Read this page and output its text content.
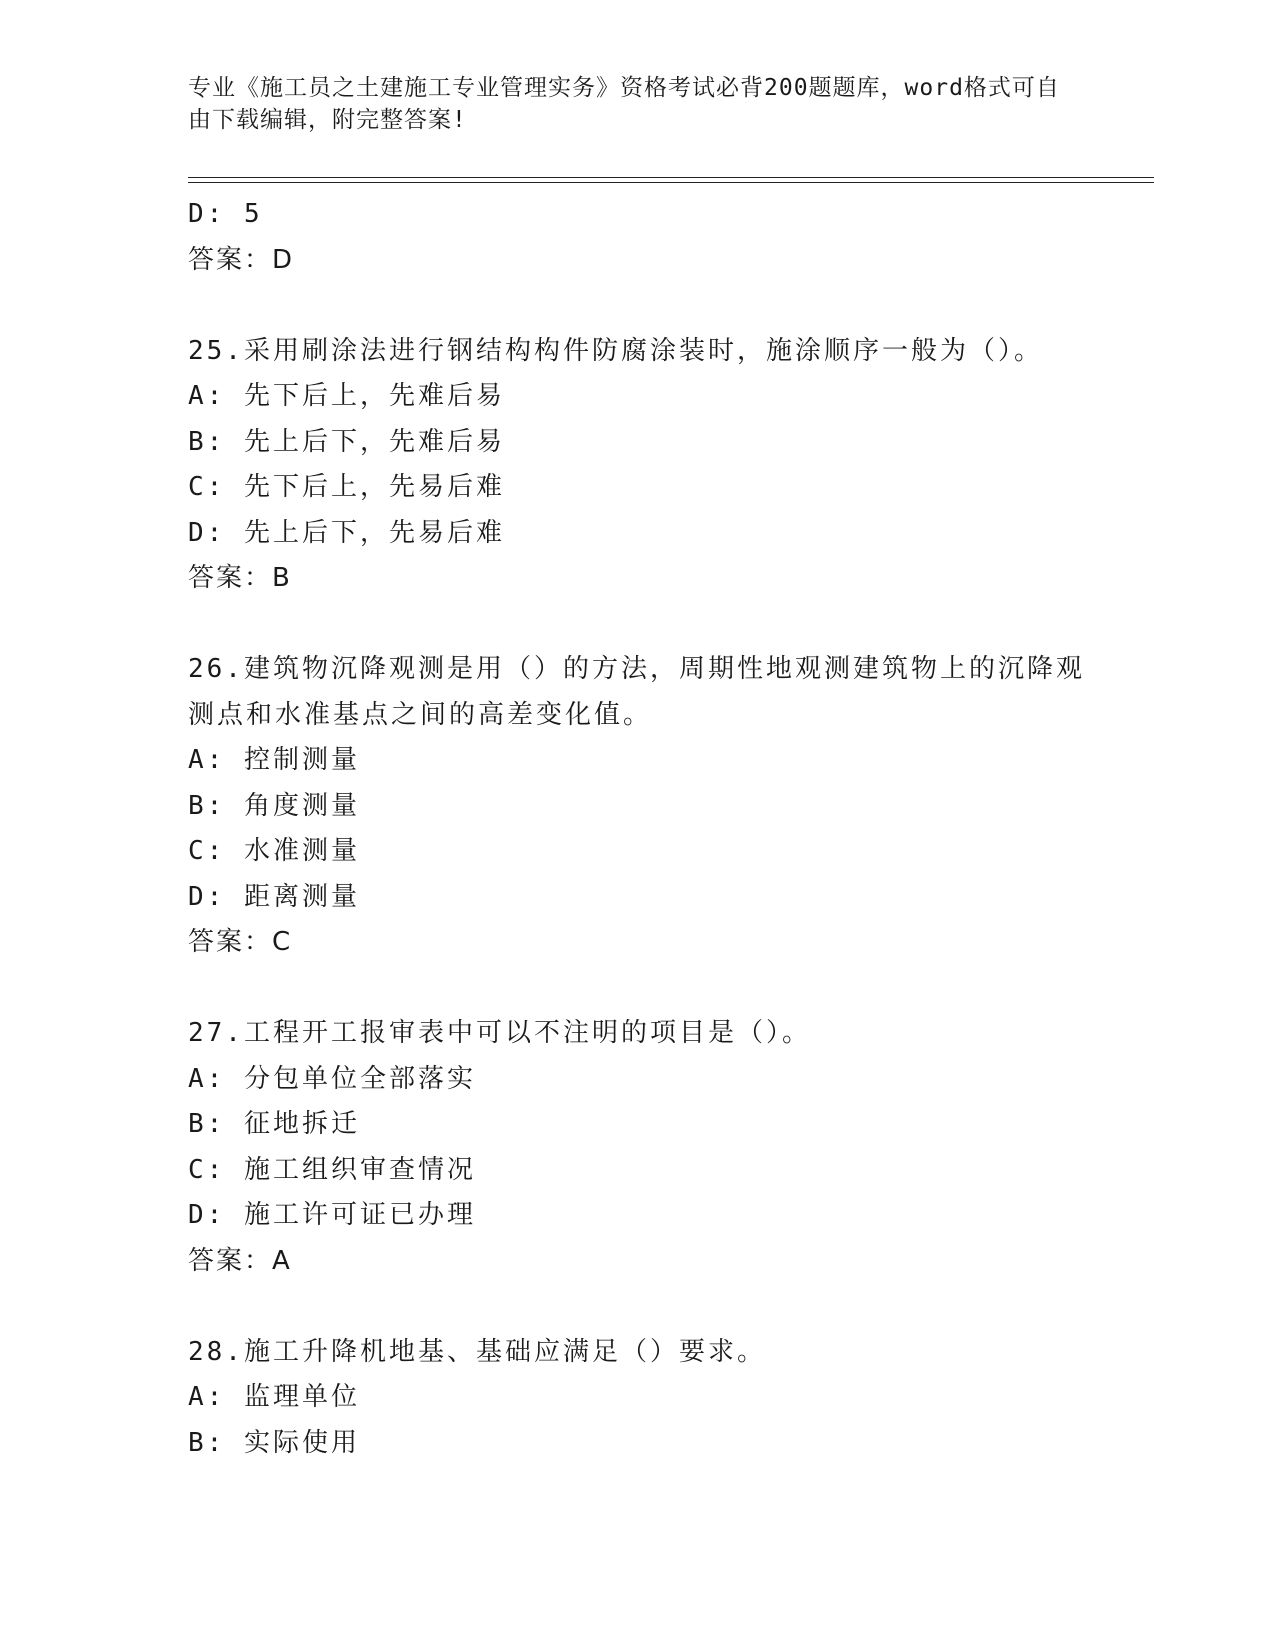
专业《施工员之土建施工专业管理实务》资格考试必背200题题库，word格式可自由下载编辑，附完整答案!
D: 5
答案：D
25.采用刷涂法进行钢结构构件防腐涂装时，施涂顺序一般为（）。
A: 先下后上，先难后易
B: 先上后下，先难后易
C: 先下后上，先易后难
D: 先上后下，先易后难
答案：B
26.建筑物沉降观测是用（）的方法，周期性地观测建筑物上的沉降观测点和水准基点之间的高差变化值。
A: 控制测量
B: 角度测量
C: 水准测量
D: 距离测量
答案：C
27.工程开工报审表中可以不注明的项目是（）。
A: 分包单位全部落实
B: 征地拆迁
C: 施工组织审查情况
D: 施工许可证已办理
答案：A
28.施工升降机地基、基础应满足（）要求。
A: 监理单位
B: 实际使用
